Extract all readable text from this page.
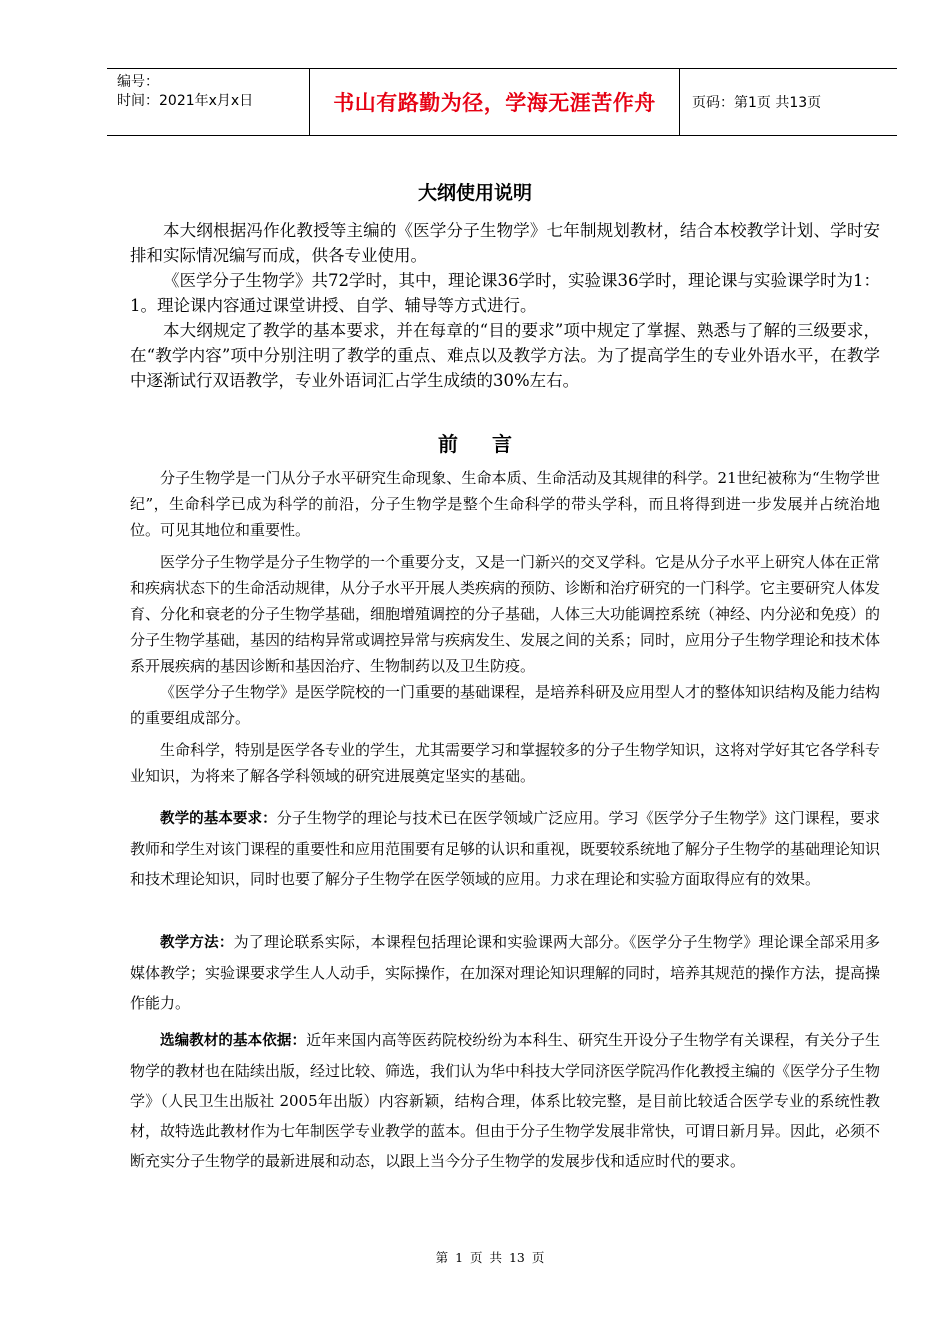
编号：
时间：2021年x月x日	书山有路勤为径，学海无涯苦作舟	页码：第1页 共13页
大纲使用说明

本大纲根据冯作化教授等主编的《医学分子生物学》七年制规划教材，结合本校教学计划、学时安排和实际情况编写而成，供各专业使用。

《医学分子生物学》共72学时，其中，理论课36学时，实验课36学时，理论课与实验课学时为1：1。理论课内容通过课堂讲授、自学、辅导等方式进行。

本大纲规定了教学的基本要求，并在每章的“目的要求”项中规定了掌握、熟悉与了解的三级要求，在“教学内容”项中分别注明了教学的重点、难点以及教学方法。为了提高学生的专业外语水平，在教学中逐渐试行双语教学，专业外语词汇占学生成绩的30%左右。

前言

分子生物学是一门从分子水平研究生命现象、生命本质、生命活动及其规律的科学。21世纪被称为“生物学世纪”，生命科学已成为科学的前沿，分子生物学是整个生命科学的带头学科，而且将得到进一步发展并占统治地位。可见其地位和重要性。

医学分子生物学是分子生物学的一个重要分支，又是一门新兴的交叉学科。它是从分子水平上研究人体在正常和疾病状态下的生命活动规律，从分子水平开展人类疾病的预防、诊断和治疗研究的一门科学。它主要研究人体发育、分化和衰老的分子生物学基础，细胞增殖调控的分子基础，人体三大功能调控系统（神经、内分泌和免疫）的分子生物学基础，基因的结构异常或调控异常与疾病发生、发展之间的关系；同时，应用分子生物学理论和技术体系开展疾病的基因诊断和基因治疗、生物制药以及卫生防疫。

《医学分子生物学》是医学院校的一门重要的基础课程，是培养科研及应用型人才的整体知识结构及能力结构的重要组成部分。

生命科学，特别是医学各专业的学生，尤其需要学习和掌握较多的分子生物学知识，这将对学好其它各学科专业知识，为将来了解各学科领域的研究进展奠定坚实的基础。

教学的基本要求：分子生物学的理论与技术已在医学领域广泛应用。学习《医学分子生物学》这门课程，要求教师和学生对该门课程的重要性和应用范围要有足够的认识和重视，既要较系统地了解分子生物学的基础理论知识和技术理论知识，同时也要了解分子生物学在医学领域的应用。力求在理论和实验方面取得应有的效果。

教学方法：为了理论联系实际，本课程包括理论课和实验课两大部分。《医学分子生物学》理论课全部采用多媒体教学；实验课要求学生人人动手，实际操作，在加深对理论知识理解的同时，培养其规范的操作方法，提高操作能力。

选编教材的基本依据：近年来国内高等医药院校纷纷为本科生、研究生开设分子生物学有关课程，有关分子生物学的教材也在陆续出版，经过比较、筛选，我们认为华中科技大学同济医学院冯作化教授主编的《医学分子生物学》（人民卫生出版社 2005年出版）内容新颖，结构合理，体系比较完整，是目前比较适合医学专业的系统性教材，故特选此教材作为七年制医学专业教学的蓝本。但由于分子生物学发展非常快，可谓日新月异。因此，必须不断充实分子生物学的最新进展和动态，以跟上当今分子生物学的发展步伐和适应时代的要求。

第 1 页 共 13 页
